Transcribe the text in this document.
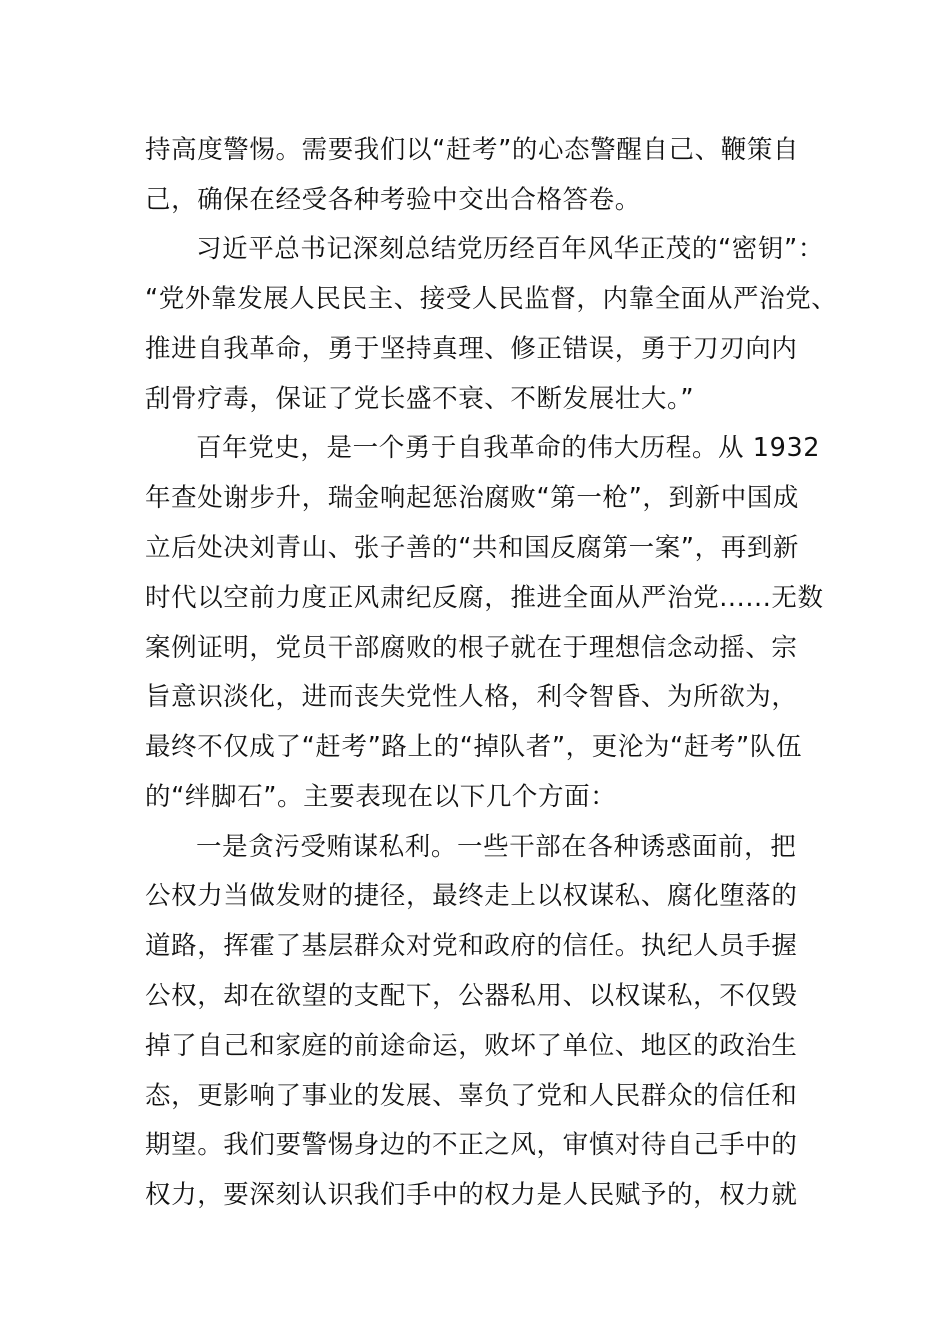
持高度警惕。需要我们以“赶考”的心态警醒自己、鞭策自
己，确保在经受各种考验中交出合格答卷。
习近平总书记深刻总结党历经百年风华正茂的“密钥”：
“党外靠发展人民民主、接受人民监督，内靠全面从严治党、
推进自我革命，勇于坚持真理、修正错误，勇于刀刃向内
刮骨疗毒，保证了党长盛不衰、不断发展壮大。”
百年党史，是一个勇于自我革命的伟大历程。从 1932
年查处谢步升，瑞金响起惩治腐败“第一枪”，到新中国成
立后处决刘青山、张子善的“共和国反腐第一案”，再到新
时代以空前力度正风肃纪反腐，推进全面从严治党......无数
案例证明，党员干部腐败的根子就在于理想信念动摇、宗
旨意识淡化，进而丧失党性人格，利令智昏、为所欲为，
最终不仅成了“赶考”路上的“掉队者”，更沦为“赶考”队伍
的“绊脚石”。主要表现在以下几个方面：
一是贪污受贿谋私利。一些干部在各种诱惑面前，把
公权力当做发财的捷径，最终走上以权谋私、腐化堕落的
道路，挥霍了基层群众对党和政府的信任。执纪人员手握
公权，却在欲望的支配下，公器私用、以权谋私，不仅毁
掉了自己和家庭的前途命运，败坏了单位、地区的政治生
态，更影响了事业的发展、辜负了党和人民群众的信任和
期望。我们要警惕身边的不正之风，审慎对待自己手中的
权力，要深刻认识我们手中的权力是人民赋予的，权力就
